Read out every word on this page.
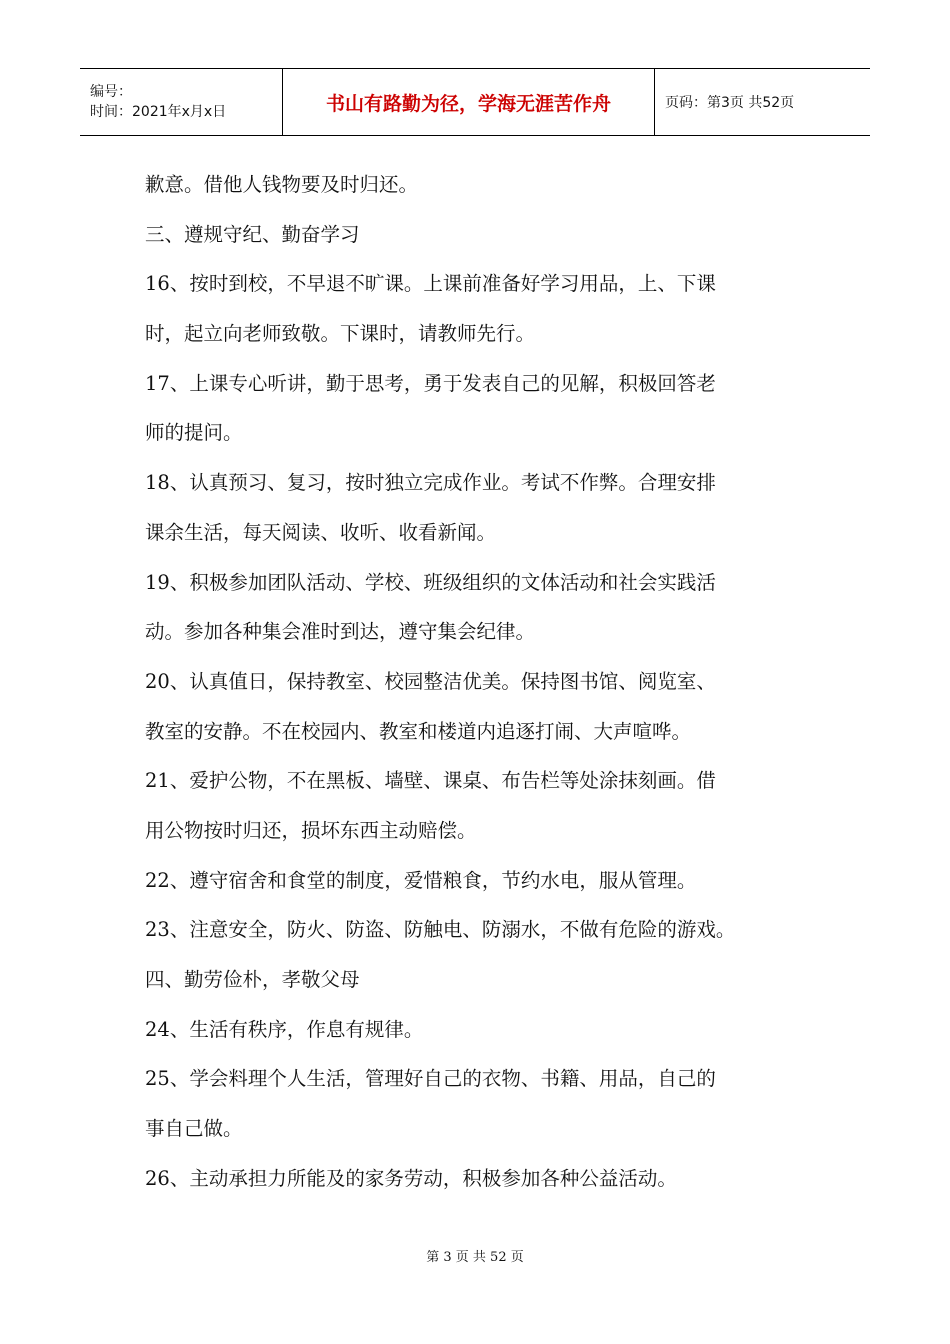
编号：
时间：2021年x月x日	书山有路勤为径，学海无涯苦作舟	页码：第3页 共52页
歉意。借他人钱物要及时归还。
三、遵规守纪、勤奋学习
16、按时到校，不早退不旷课。上课前准备好学习用品，上、下课
时，起立向老师致敬。下课时，请教师先行。
17、上课专心听讲，勤于思考，勇于发表自己的见解，积极回答老
师的提问。
18、认真预习、复习，按时独立完成作业。考试不作弊。合理安排
课余生活，每天阅读、收听、收看新闻。
19、积极参加团队活动、学校、班级组织的文体活动和社会实践活
动。参加各种集会准时到达，遵守集会纪律。
20、认真值日，保持教室、校园整洁优美。保持图书馆、阅览室、
教室的安静。不在校园内、教室和楼道内追逐打闹、大声喧哗。
21、爱护公物，不在黑板、墙壁、课桌、布告栏等处涂抹刻画。借
用公物按时归还，损坏东西主动赔偿。
22、遵守宿舍和食堂的制度，爱惜粮食，节约水电，服从管理。
23、注意安全，防火、防盗、防触电、防溺水，不做有危险的游戏。
四、勤劳俭朴，孝敬父母
24、生活有秩序，作息有规律。
25、学会料理个人生活，管理好自己的衣物、书籍、用品，自己的
事自己做。
26、主动承担力所能及的家务劳动，积极参加各种公益活动。
第 3 页 共 52 页
